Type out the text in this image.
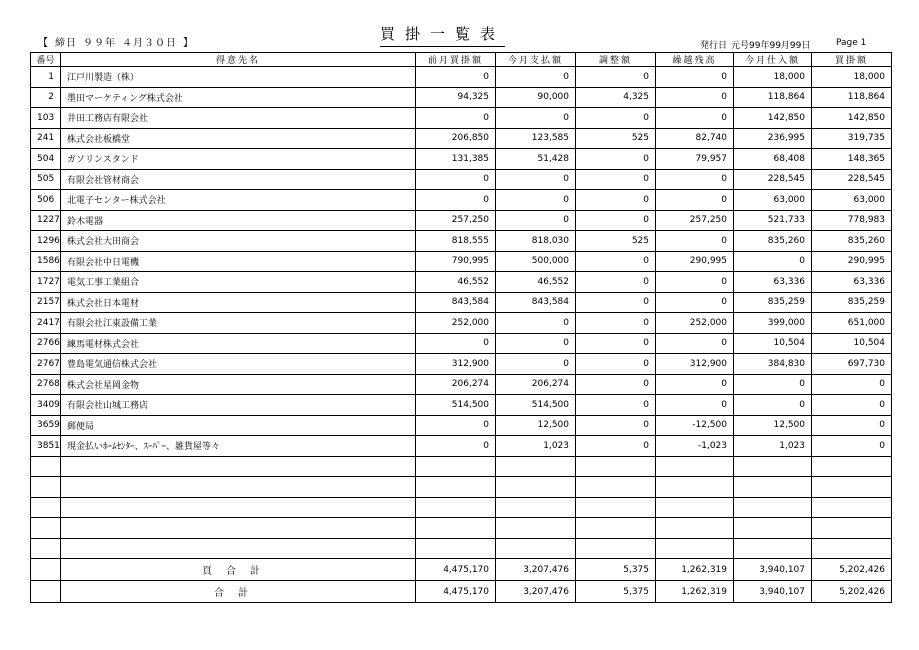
【 締日 ９９年 ４月３０日 】
買掛一覧表
発行日 元号99年99月99日	Page 1
番号	得意先名	前月買掛額	今月支払額	調整額	繰越残高	今月仕入額	買掛額
1	江戸川製造（株）	0	0	0	0	18,000	18,000
2	墨田マーケティング株式会社	94,325	90,000	4,325	0	118,864	118,864
103	井田工務店有限会社	0	0	0	0	142,850	142,850
241	株式会社板橋堂	206,850	123,585	525	82,740	236,995	319,735
504	ガソリンスタンド	131,385	51,428	0	79,957	68,408	148,365
505	有限会社管材商会	0	0	0	0	228,545	228,545
506	北電子センター株式会社	0	0	0	0	63,000	63,000
1227	鈴木電器	257,250	0	0	257,250	521,733	778,983
1296	株式会社大田商会	818,555	818,030	525	0	835,260	835,260
1586	有限会社中日電機	790,995	500,000	0	290,995	0	290,995
1727	電気工事工業組合	46,552	46,552	0	0	63,336	63,336
2157	株式会社日本電材	843,584	843,584	0	0	835,259	835,259
2417	有限会社江東設備工業	252,000	0	0	252,000	399,000	651,000
2766	練馬電材株式会社	0	0	0	0	10,504	10,504
2767	豊島電気通信株式会社	312,900	0	0	312,900	384,830	697,730
2768	株式会社星岡金物	206,274	206,274	0	0	0	0
3409	有限会社山城工務店	514,500	514,500	0	0	0	0
3659	郵便局	0	12,500	0	-12,500	12,500	0
3851	現金払いﾎｰﾑｾﾝﾀｰ、ｽｰﾊﾟｰ、雑貨屋等々	0	1,023	0	-1,023	1,023	0

	頁合計	4,475,170	3,207,476	5,375	1,262,319	3,940,107	5,202,426
	合計	4,475,170	3,207,476	5,375	1,262,319	3,940,107	5,202,426
